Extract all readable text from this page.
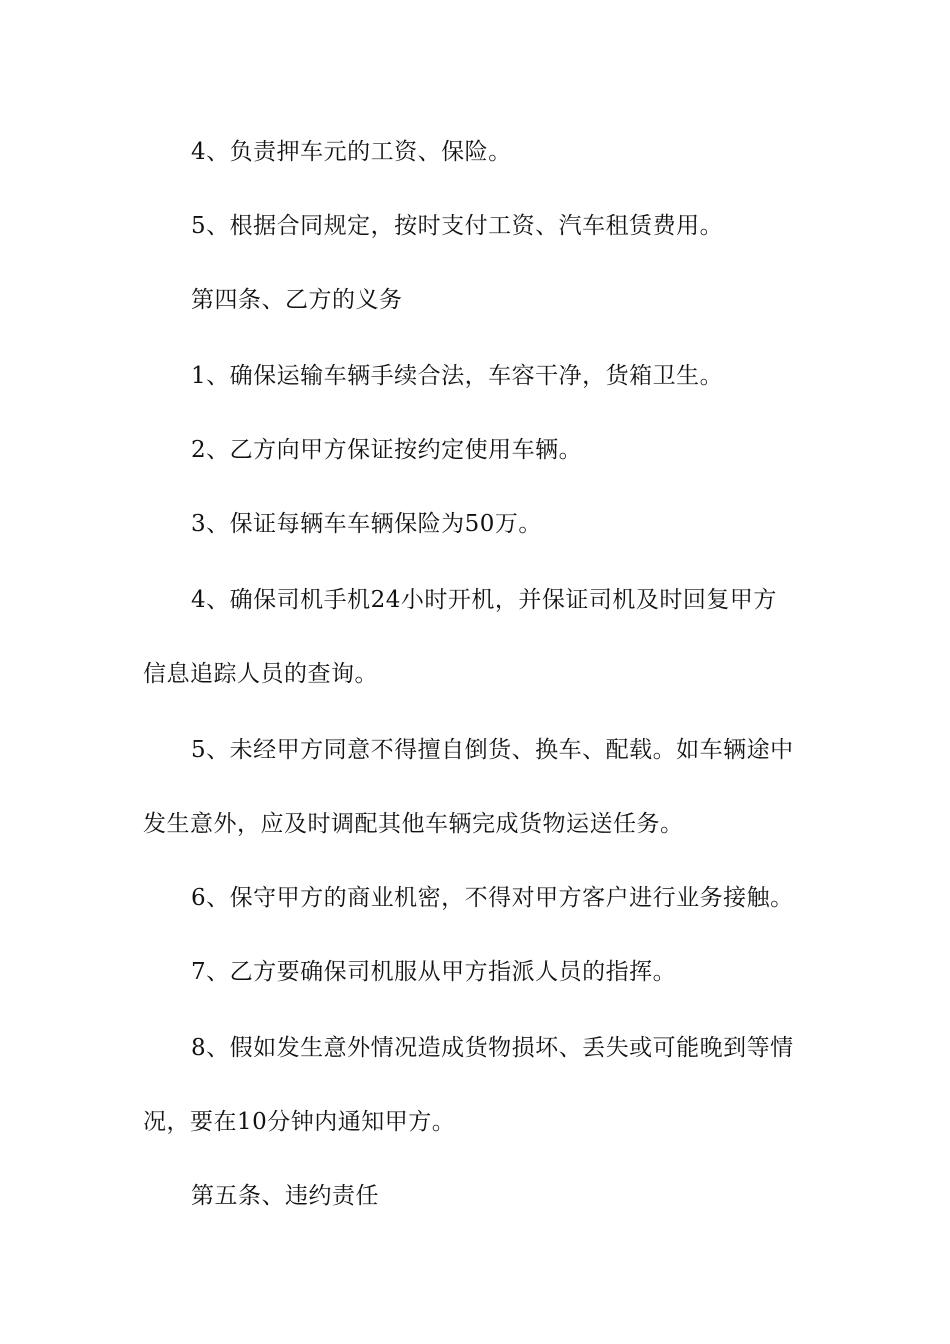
4、负责押车元的工资、保险。
5、根据合同规定，按时支付工资、汽车租赁费用。
第四条、乙方的义务
1、确保运输车辆手续合法，车容干净，货箱卫生。
2、乙方向甲方保证按约定使用车辆。
3、保证每辆车车辆保险为50万。
4、确保司机手机24小时开机，并保证司机及时回复甲方
信息追踪人员的查询。
5、未经甲方同意不得擅自倒货、换车、配载。如车辆途中
发生意外，应及时调配其他车辆完成货物运送任务。
6、保守甲方的商业机密，不得对甲方客户进行业务接触。
7、乙方要确保司机服从甲方指派人员的指挥。
8、假如发生意外情况造成货物损坏、丢失或可能晚到等情
况，要在10分钟内通知甲方。
第五条、违约责任
